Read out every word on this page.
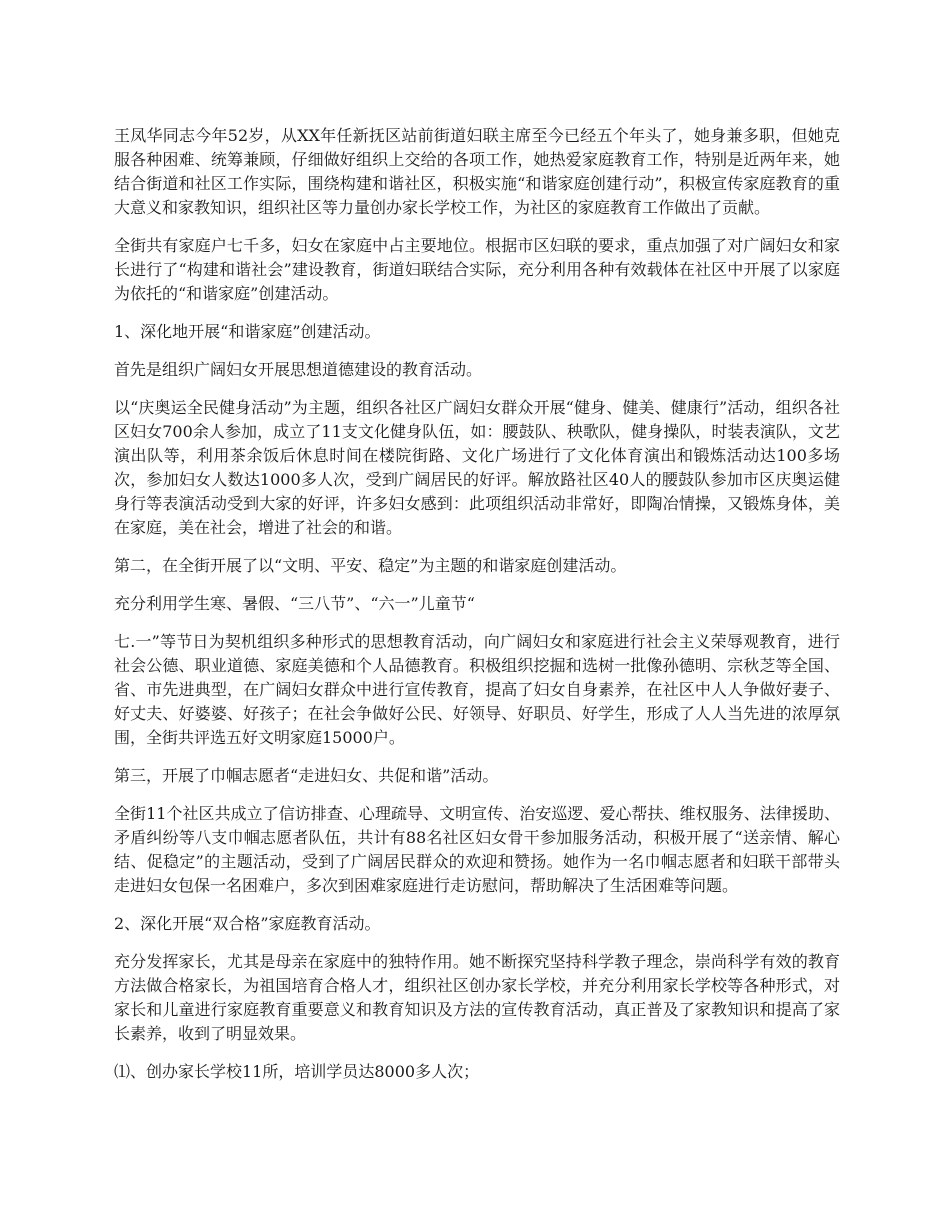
王凤华同志今年52岁，从XX年任新抚区站前街道妇联主席至今已经五个年头了，她身兼多职，但她克服各种困难、统筹兼顾，仔细做好组织上交给的各项工作，她热爱家庭教育工作，特别是近两年来，她结合街道和社区工作实际，围绕构建和谐社区，积极实施“和谐家庭创建行动”，积极宣传家庭教育的重大意义和家教知识，组织社区等力量创办家长学校工作，为社区的家庭教育工作做出了贡献。

全街共有家庭户七千多，妇女在家庭中占主要地位。根据市区妇联的要求，重点加强了对广阔妇女和家长进行了“构建和谐社会”建设教育，街道妇联结合实际，充分利用各种有效载体在社区中开展了以家庭为依托的“和谐家庭”创建活动。

1、深化地开展“和谐家庭”创建活动。

首先是组织广阔妇女开展思想道德建设的教育活动。

以“庆奥运全民健身活动”为主题，组织各社区广阔妇女群众开展“健身、健美、健康行”活动，组织各社区妇女700余人参加，成立了11支文化健身队伍，如：腰鼓队、秧歌队，健身操队，时装表演队，文艺演出队等，利用茶余饭后休息时间在楼院街路、文化广场进行了文化体育演出和锻炼活动达100多场次，参加妇女人数达1000多人次，受到广阔居民的好评。解放路社区40人的腰鼓队参加市区庆奥运健身行等表演活动受到大家的好评，许多妇女感到：此项组织活动非常好，即陶冶情操，又锻炼身体，美在家庭，美在社会，增进了社会的和谐。

第二，在全街开展了以“文明、平安、稳定”为主题的和谐家庭创建活动。

充分利用学生寒、暑假、“三八节”、“六一”儿童节“

七.一”等节日为契机组织多种形式的思想教育活动，向广阔妇女和家庭进行社会主义荣辱观教育，进行社会公德、职业道德、家庭美德和个人品德教育。积极组织挖掘和选树一批像孙德明、宗秋芝等全国、省、市先进典型，在广阔妇女群众中进行宣传教育，提高了妇女自身素养，在社区中人人争做好妻子、好丈夫、好婆婆、好孩子；在社会争做好公民、好领导、好职员、好学生，形成了人人当先进的浓厚氛围，全街共评选五好文明家庭15000户。

第三，开展了巾帼志愿者“走进妇女、共促和谐”活动。

全街11个社区共成立了信访排查、心理疏导、文明宣传、治安巡逻、爱心帮扶、维权服务、法律援助、矛盾纠纷等八支巾帼志愿者队伍，共计有88名社区妇女骨干参加服务活动，积极开展了“送亲情、解心结、促稳定”的主题活动，受到了广阔居民群众的欢迎和赞扬。她作为一名巾帼志愿者和妇联干部带头走进妇女包保一名困难户，多次到困难家庭进行走访慰问，帮助解决了生活困难等问题。

2、深化开展“双合格”家庭教育活动。

充分发挥家长，尤其是母亲在家庭中的独特作用。她不断探究坚持科学教子理念，崇尚科学有效的教育方法做合格家长，为祖国培育合格人才，组织社区创办家长学校，并充分利用家长学校等各种形式，对家长和儿童进行家庭教育重要意义和教育知识及方法的宣传教育活动，真正普及了家教知识和提高了家长素养，收到了明显效果。

⑴、创办家长学校11所，培训学员达8000多人次；
